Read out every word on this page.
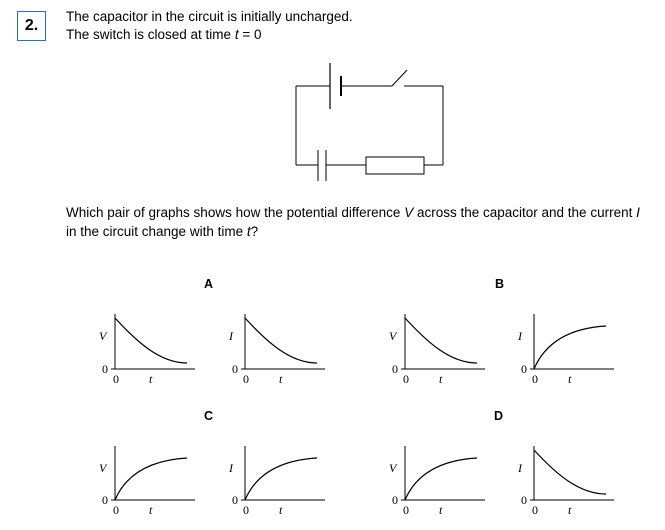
2.
The capacitor in the circuit is initially uncharged.
The switch is closed at time t = 0
Which pair of graphs shows how the potential difference V across the capacitor and the current I
in the circuit change with time t?
A	B
C	D
V
0
0	t
I
0
0	t
V
0
0	t
I
0
0	t
V
0
0	t
I
0
0	t
V
0
0	t
I
0
0	t
